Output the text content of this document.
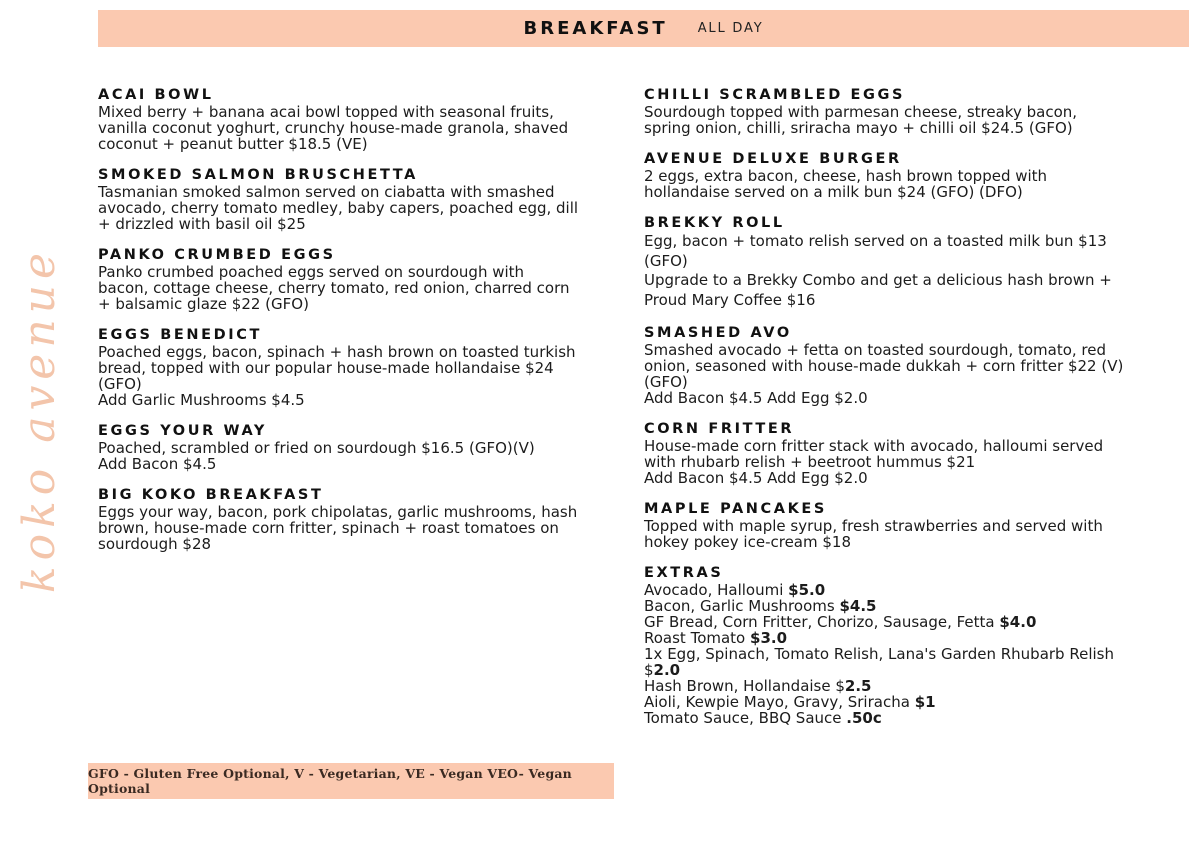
BREAKFAST ALL DAY
koko avenue
ACAI BOWL
Mixed berry + banana acai bowl topped with seasonal fruits,
vanilla coconut yoghurt, crunchy house-made granola, shaved
coconut + peanut butter $18.5 (VE)
SMOKED SALMON BRUSCHETTA
Tasmanian smoked salmon served on ciabatta with smashed
avocado, cherry tomato medley, baby capers, poached egg, dill
+ drizzled with basil oil $25
PANKO CRUMBED EGGS
Panko crumbed poached eggs served on sourdough with
bacon, cottage cheese, cherry tomato, red onion, charred corn
+ balsamic glaze $22 (GFO)
EGGS BENEDICT
Poached eggs, bacon, spinach + hash brown on toasted turkish
bread, topped with our popular house-made hollandaise $24
(GFO)
Add Garlic Mushrooms $4.5
EGGS YOUR WAY
Poached, scrambled or fried on sourdough $16.5 (GFO)(V)
Add Bacon $4.5
BIG KOKO BREAKFAST
Eggs your way, bacon, pork chipolatas, garlic mushrooms, hash
brown, house-made corn fritter, spinach + roast tomatoes on
sourdough $28
CHILLI SCRAMBLED EGGS
Sourdough topped with parmesan cheese, streaky bacon,
spring onion, chilli, sriracha mayo + chilli oil $24.5 (GFO)
AVENUE DELUXE BURGER
2 eggs, extra bacon, cheese, hash brown topped with
hollandaise served on a milk bun $24 (GFO) (DFO)
BREKKY ROLL
Egg, bacon + tomato relish served on a toasted milk bun $13
(GFO)
Upgrade to a Brekky Combo and get a delicious hash brown +
Proud Mary Coffee $16
SMASHED AVO
Smashed avocado + fetta on toasted sourdough, tomato, red
onion, seasoned with house-made dukkah + corn fritter $22 (V)
(GFO)
Add Bacon $4.5 Add Egg $2.0
CORN FRITTER
House-made corn fritter stack with avocado, halloumi served
with rhubarb relish + beetroot hummus $21
Add Bacon $4.5 Add Egg $2.0
MAPLE PANCAKES
Topped with maple syrup, fresh strawberries and served with
hokey pokey ice-cream $18
EXTRAS
Avocado, Halloumi $5.0
Bacon, Garlic Mushrooms $4.5
GF Bread, Corn Fritter, Chorizo, Sausage, Fetta $4.0
Roast Tomato $3.0
1x Egg, Spinach, Tomato Relish, Lana's Garden Rhubarb Relish
$2.0
Hash Brown, Hollandaise $2.5
Aioli, Kewpie Mayo, Gravy, Sriracha $1
Tomato Sauce, BBQ Sauce .50c
GFO - Gluten Free Optional, V - Vegetarian, VE - Vegan VEO- Vegan Optional
